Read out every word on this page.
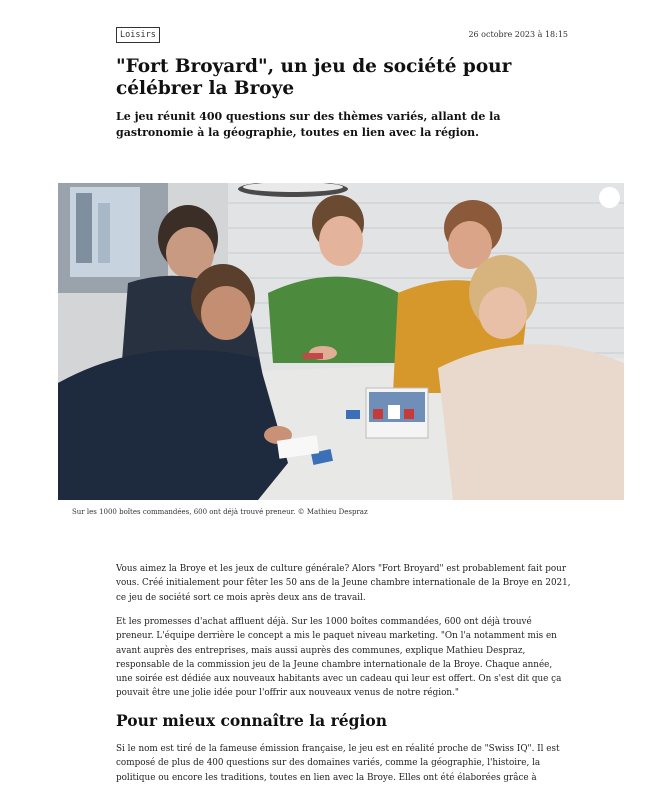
Loisirs	26 octobre 2023 à 18:15
"Fort Broyard", un jeu de société pour célébrer la Broye

Le jeu réunit 400 questions sur des thèmes variés, allant de la gastronomie à la géographie, toutes en lien avec la région.

Sur les 1000 boîtes commandées, 600 ont déjà trouvé preneur. © Mathieu Despraz

Vous aimez la Broye et les jeux de culture générale? Alors "Fort Broyard" est probablement fait pour vous. Créé initialement pour fêter les 50 ans de la Jeune chambre internationale de la Broye en 2021, ce jeu de société sort ce mois après deux ans de travail.

Et les promesses d'achat affluent déjà. Sur les 1000 boîtes commandées, 600 ont déjà trouvé preneur. L'équipe derrière le concept a mis le paquet niveau marketing. "On l'a notamment mis en avant auprès des entreprises, mais aussi auprès des communes, explique Mathieu Despraz, responsable de la commission jeu de la Jeune chambre internationale de la Broye. Chaque année, une soirée est dédiée aux nouveaux habitants avec un cadeau qui leur est offert. On s'est dit que ça pouvait être une jolie idée pour l'offrir aux nouveaux venus de notre région."

Pour mieux connaître la région

Si le nom est tiré de la fameuse émission française, le jeu est en réalité proche de "Swiss IQ". Il est composé de plus de 400 questions sur des domaines variés, comme la géographie, l'histoire, la politique ou encore les traditions, toutes en lien avec la Broye. Elles ont été élaborées grâce à
